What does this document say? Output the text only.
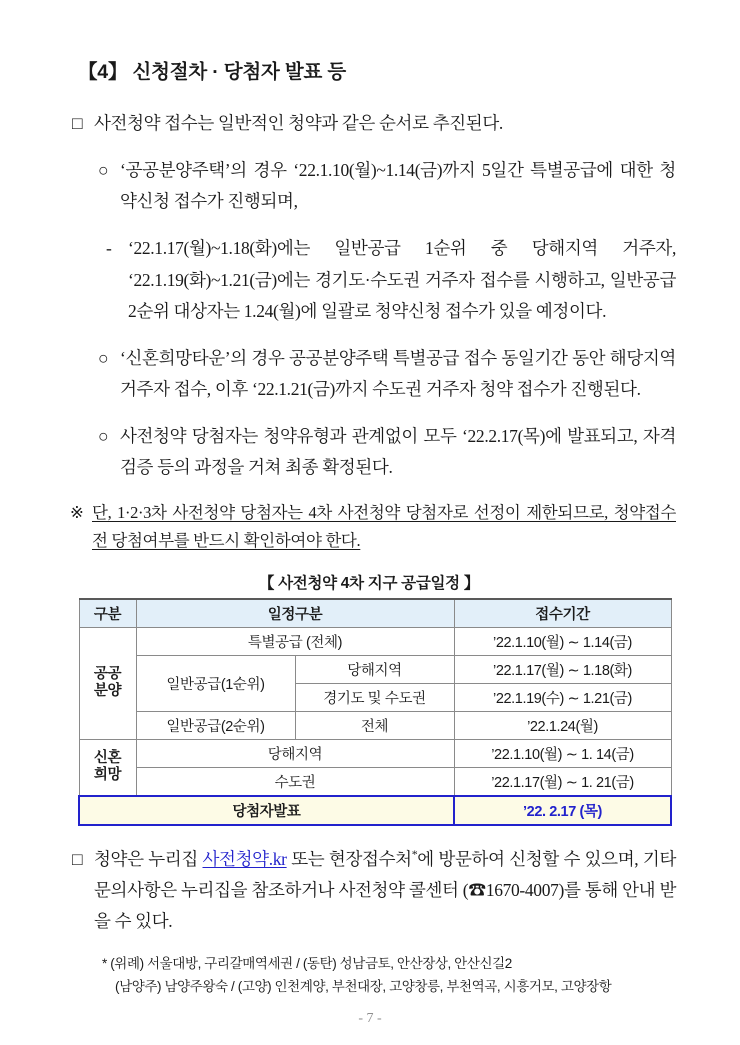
【4】 신청절차 · 당첨자 발표 등

□ 사전청약 접수는 일반적인 청약과 같은 순서로 추진된다.

○ ‘공공분양주택’의 경우 ‘22.1.10(월)~1.14(금)까지 5일간 특별공급에 대한 청약신청 접수가 진행되며,

- ‘22.1.17(월)~1.18(화)에는 일반공급 1순위 중 당해지역 거주자, ‘22.1.19(화)~1.21(금)에는 경기도·수도권 거주자 접수를 시행하고, 일반공급 2순위 대상자는 1.24(월)에 일괄로 청약신청 접수가 있을 예정이다.

○ ‘신혼희망타운’의 경우 공공분양주택 특별공급 접수 동일기간 동안 해당지역 거주자 접수, 이후 ‘22.1.21(금)까지 수도권 거주자 청약 접수가 진행된다.

○ 사전청약 당첨자는 청약유형과 관계없이 모두 ‘22.2.17(목)에 발표되고, 자격검증 등의 과정을 거쳐 최종 확정된다.

※ 단, 1·2·3차 사전청약 당첨자는 4차 사전청약 당첨자로 선정이 제한되므로, 청약접수 전 당첨여부를 반드시 확인하여야 한다.

【 사전청약 4차 지구 공급일정 】
구분	일정구분		접수기간
공공
분양	특별공급 (전체)		’22.1.10(월) ∼ 1.14(금)
	일반공급(1순위)	당해지역	’22.1.17(월) ∼ 1.18(화)
		경기도 및 수도권	’22.1.19(수) ∼ 1.21(금)
	일반공급(2순위)	전체	’22.1.24(월)
신혼
희망	당해지역		’22.1.10(월) ∼ 1. 14(금)
	수도권		’22.1.17(월) ∼ 1. 21(금)
당첨자발표			’22. 2.17 (목)

□ 청약은 누리집 사전청약.kr 또는 현장접수처*에 방문하여 신청할 수 있으며, 기타 문의사항은 누리집을 참조하거나 사전청약 콜센터 (☎1670-4007)를 통해 안내 받을 수 있다.

* (위례) 서울대방, 구리갈매역세권 / (동탄) 성남금토, 안산장상, 안산신길2
(남양주) 남양주왕숙 / (고양) 인천계양, 부천대장, 고양창릉, 부천역곡, 시흥거모, 고양장항
- 7 -
